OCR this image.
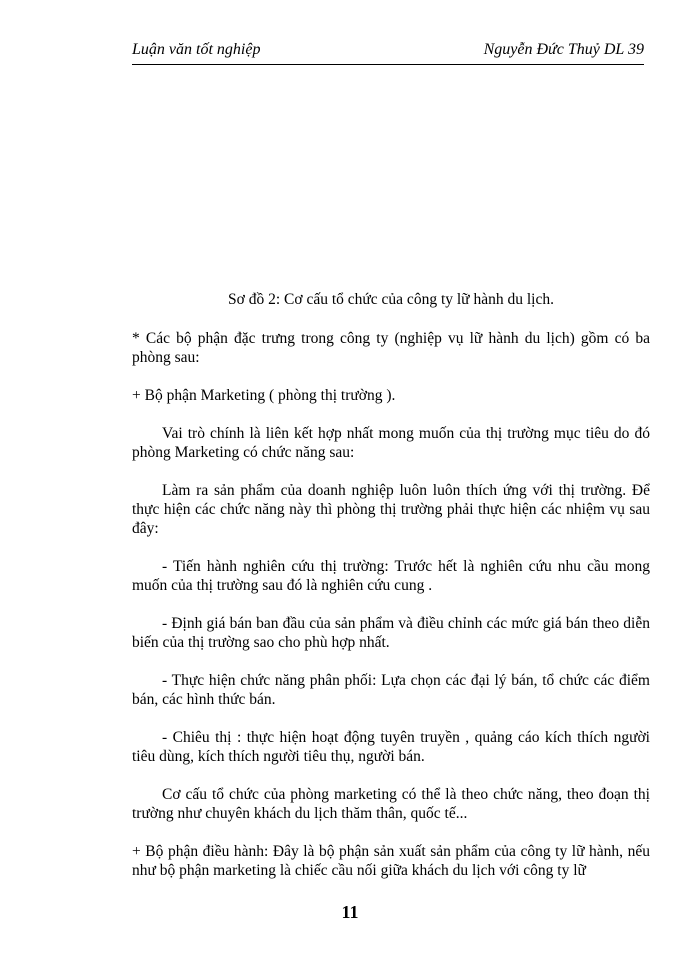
Luận văn tốt nghiệp	Nguyễn Đức Thuỷ DL 39

Sơ đồ 2: Cơ cấu tổ chức của công ty lữ hành du lịch.

* Các bộ phận đặc trưng trong công ty (nghiệp vụ lữ hành du lịch) gồm có ba phòng sau:

+ Bộ phận Marketing ( phòng thị trường ).

Vai trò chính là liên kết hợp nhất mong muốn của thị trường mục tiêu do đó phòng Marketing có chức năng sau:

Làm ra sản phẩm của doanh nghiệp luôn luôn thích ứng với thị trường. Để thực hiện các chức năng này thì phòng thị trường phải thực hiện các nhiệm vụ sau đây:

- Tiến hành nghiên cứu thị trường: Trước hết là nghiên cứu nhu cầu mong muốn của thị trường sau đó là nghiên cứu cung .

- Định giá bán ban đầu của sản phẩm và điều chỉnh các mức giá bán theo diễn biến của thị trường sao cho phù hợp nhất.

- Thực hiện chức năng phân phối: Lựa chọn các đại lý bán, tổ chức các điểm bán, các hình thức bán.

- Chiêu thị : thực hiện hoạt động tuyên truyền , quảng cáo kích thích người tiêu dùng, kích thích người tiêu thụ, người bán.

Cơ cấu tổ chức của phòng marketing có thể là theo chức năng, theo đoạn thị trường như chuyên khách du lịch thăm thân, quốc tế...

+ Bộ phận điều hành: Đây là bộ phận sản xuất sản phẩm của công ty lữ hành, nếu như bộ phận marketing là chiếc cầu nối giữa khách du lịch với công ty lữ

11
